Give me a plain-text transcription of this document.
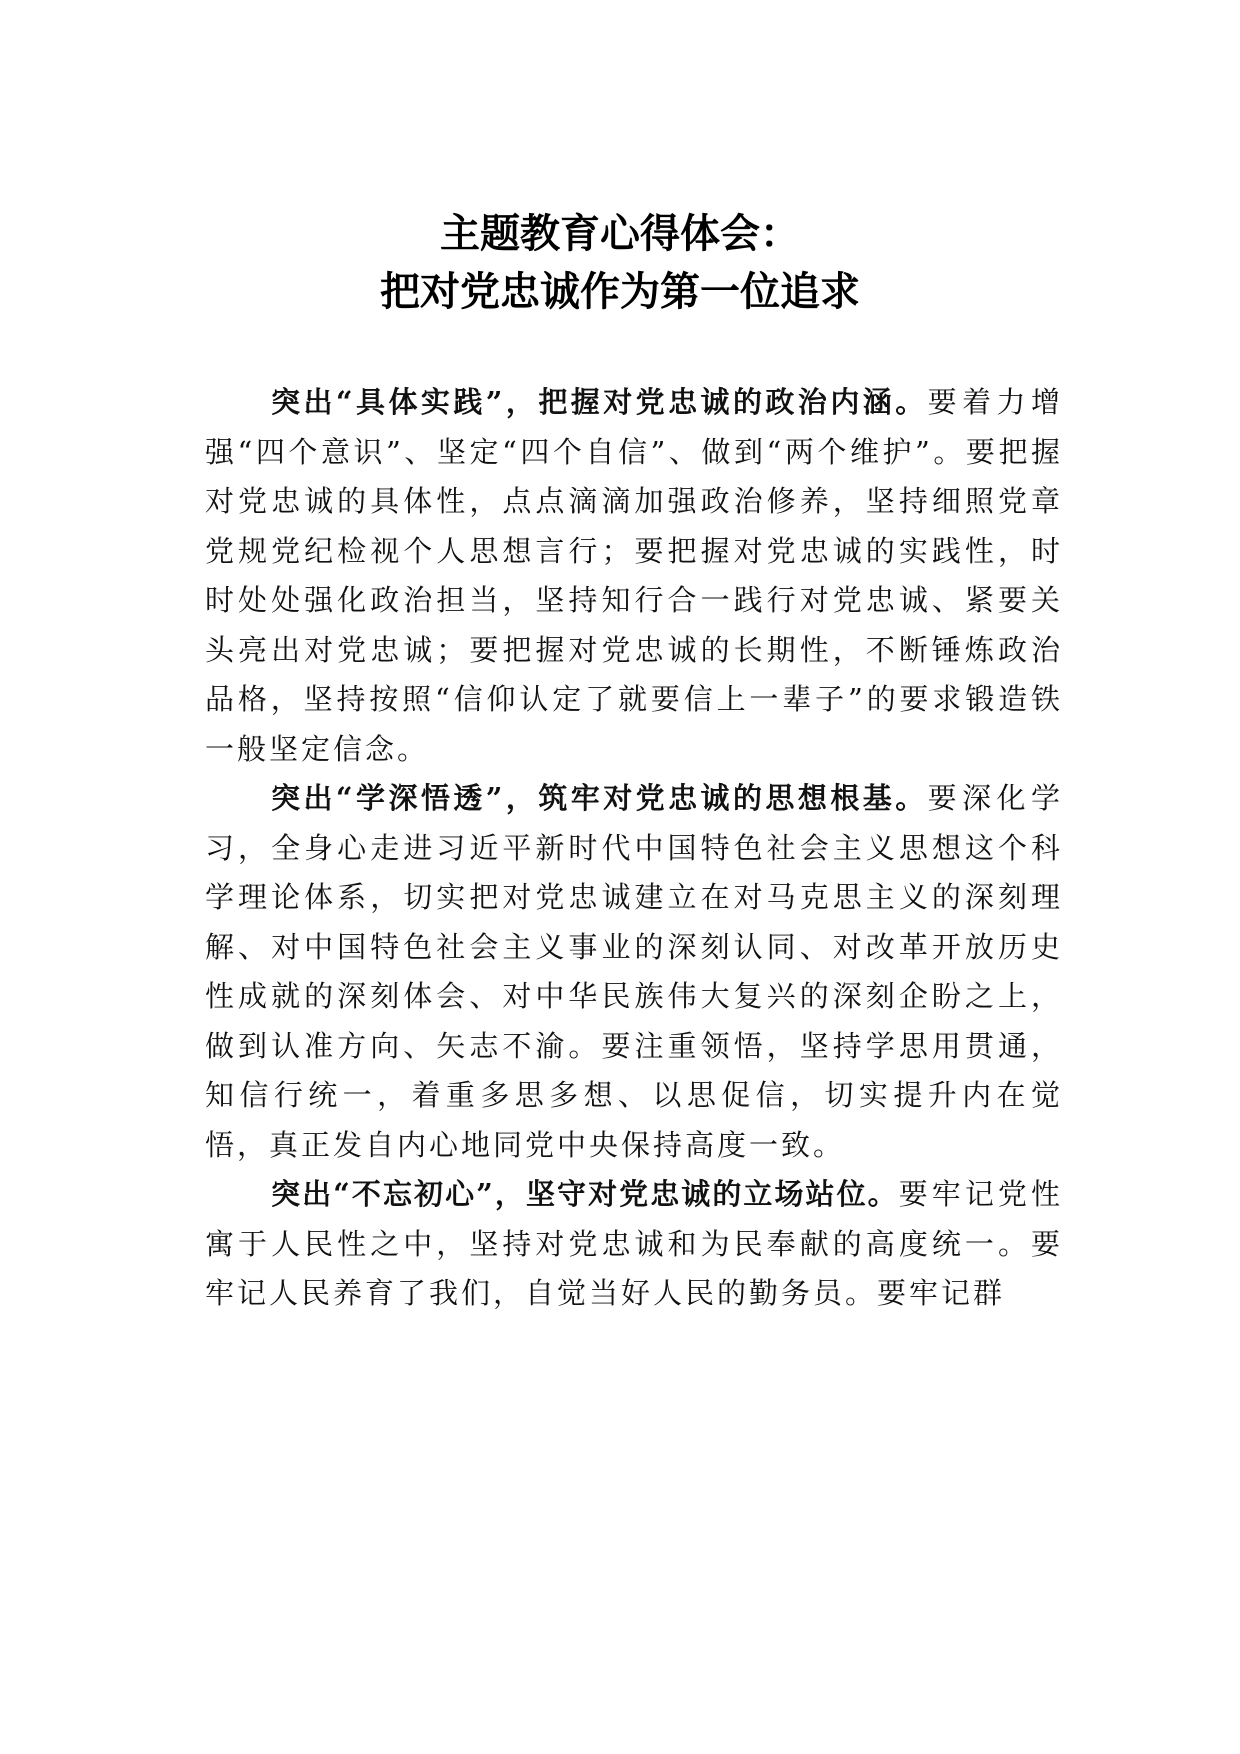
主题教育心得体会：
把对党忠诚作为第一位追求

突出“具体实践”，把握对党忠诚的政治内涵。要着力增强“四个意识”、坚定“四个自信”、做到“两个维护”。要把握对党忠诚的具体性，点点滴滴加强政治修养，坚持细照党章党规党纪检视个人思想言行；要把握对党忠诚的实践性，时时处处强化政治担当，坚持知行合一践行对党忠诚、紧要关头亮出对党忠诚；要把握对党忠诚的长期性，不断锤炼政治品格，坚持按照“信仰认定了就要信上一辈子”的要求锻造铁一般坚定信念。

突出“学深悟透”，筑牢对党忠诚的思想根基。要深化学习，全身心走进习近平新时代中国特色社会主义思想这个科学理论体系，切实把对党忠诚建立在对马克思主义的深刻理解、对中国特色社会主义事业的深刻认同、对改革开放历史性成就的深刻体会、对中华民族伟大复兴的深刻企盼之上，做到认准方向、矢志不渝。要注重领悟，坚持学思用贯通，知信行统一，着重多思多想、以思促信，切实提升内在觉悟，真正发自内心地同党中央保持高度一致。

突出“不忘初心”，坚守对党忠诚的立场站位。要牢记党性寓于人民性之中，坚持对党忠诚和为民奉献的高度统一。要牢记人民养育了我们，自觉当好人民的勤务员。要牢记群
